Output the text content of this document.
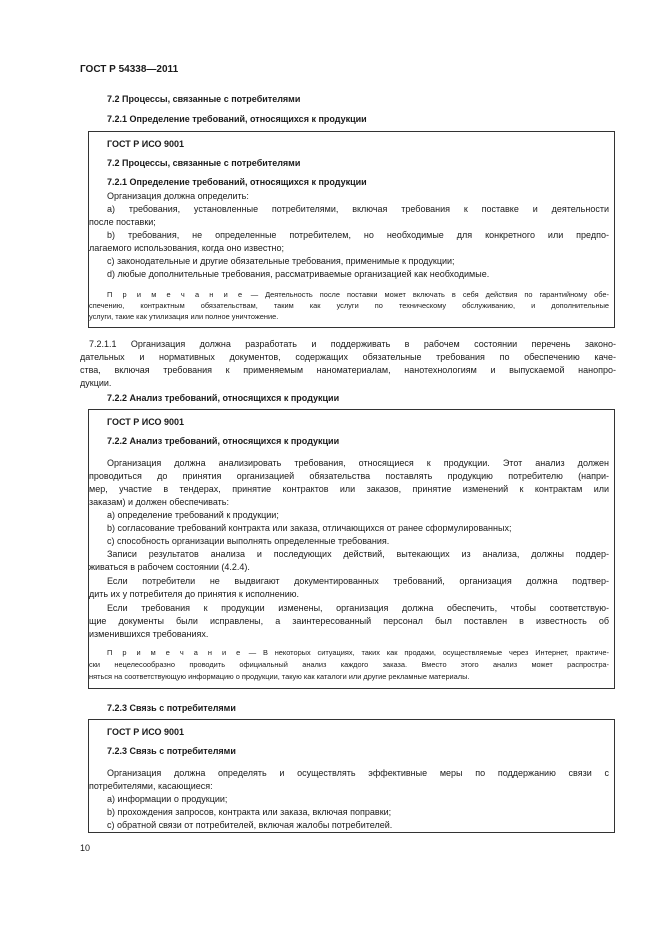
ГОСТ Р 54338—2011
7.2 Процессы, связанные с потребителями
7.2.1 Определение требований, относящихся к продукции
ГОСТ Р ИСО 9001
7.2 Процессы, связанные с потребителями
7.2.1 Определение требований, относящихся к продукции
Организация должна определить:
a) требования, установленные потребителями, включая требования к поставке и деятельности
после поставки;
b) требования, не определенные потребителем, но необходимые для конкретного или предпо-
лагаемого использования, когда оно известно;
c) законодательные и другие обязательные требования, применимые к продукции;
d) любые дополнительные требования, рассматриваемые организацией как необходимые.
П р и м е ч а н и е — Деятельность после поставки может включать в себя действия по гарантийному обе-
спечению, контрактным обязательствам, таким как услуги по техническому обслуживанию, и дополнительные
услуги, такие как утилизация или полное уничтожение.
7.2.1.1 Организация должна разработать и поддерживать в рабочем состоянии перечень законо-
дательных и нормативных документов, содержащих обязательные требования по обеспечению каче-
ства, включая требования к применяемым наноматериалам, нанотехнологиям и выпускаемой нанопро-
дукции.
7.2.2 Анализ требований, относящихся к продукции
ГОСТ Р ИСО 9001
7.2.2 Анализ требований, относящихся к продукции
Организация должна анализировать требования, относящиеся к продукции. Этот анализ должен
проводиться до принятия организацией обязательства поставлять продукцию потребителю (напри-
мер, участие в тендерах, принятие контрактов или заказов, принятие изменений к контрактам или
заказам) и должен обеспечивать:
a) определение требований к продукции;
b) согласование требований контракта или заказа, отличающихся от ранее сформулированных;
c) способность организации выполнять определенные требования.
Записи результатов анализа и последующих действий, вытекающих из анализа, должны поддер-
живаться в рабочем состоянии (4.2.4).
Если потребители не выдвигают документированных требований, организация должна подтвер-
дить их у потребителя до принятия к исполнению.
Если требования к продукции изменены, организация должна обеспечить, чтобы соответствую-
щие документы были исправлены, а заинтересованный персонал был поставлен в известность об
изменившихся требованиях.
П р и м е ч а н и е — В некоторых ситуациях, таких как продажи, осуществляемые через Интернет, практиче-
ски нецелесообразно проводить официальный анализ каждого заказа. Вместо этого анализ может распростра-
няться на соответствующую информацию о продукции, такую как каталоги или другие рекламные материалы.
7.2.3 Связь с потребителями
ГОСТ Р ИСО 9001
7.2.3 Связь с потребителями
Организация должна определять и осуществлять эффективные меры по поддержанию связи с
потребителями, касающиеся:
a) информации о продукции;
b) прохождения запросов, контракта или заказа, включая поправки;
c) обратной связи от потребителей, включая жалобы потребителей.
10
